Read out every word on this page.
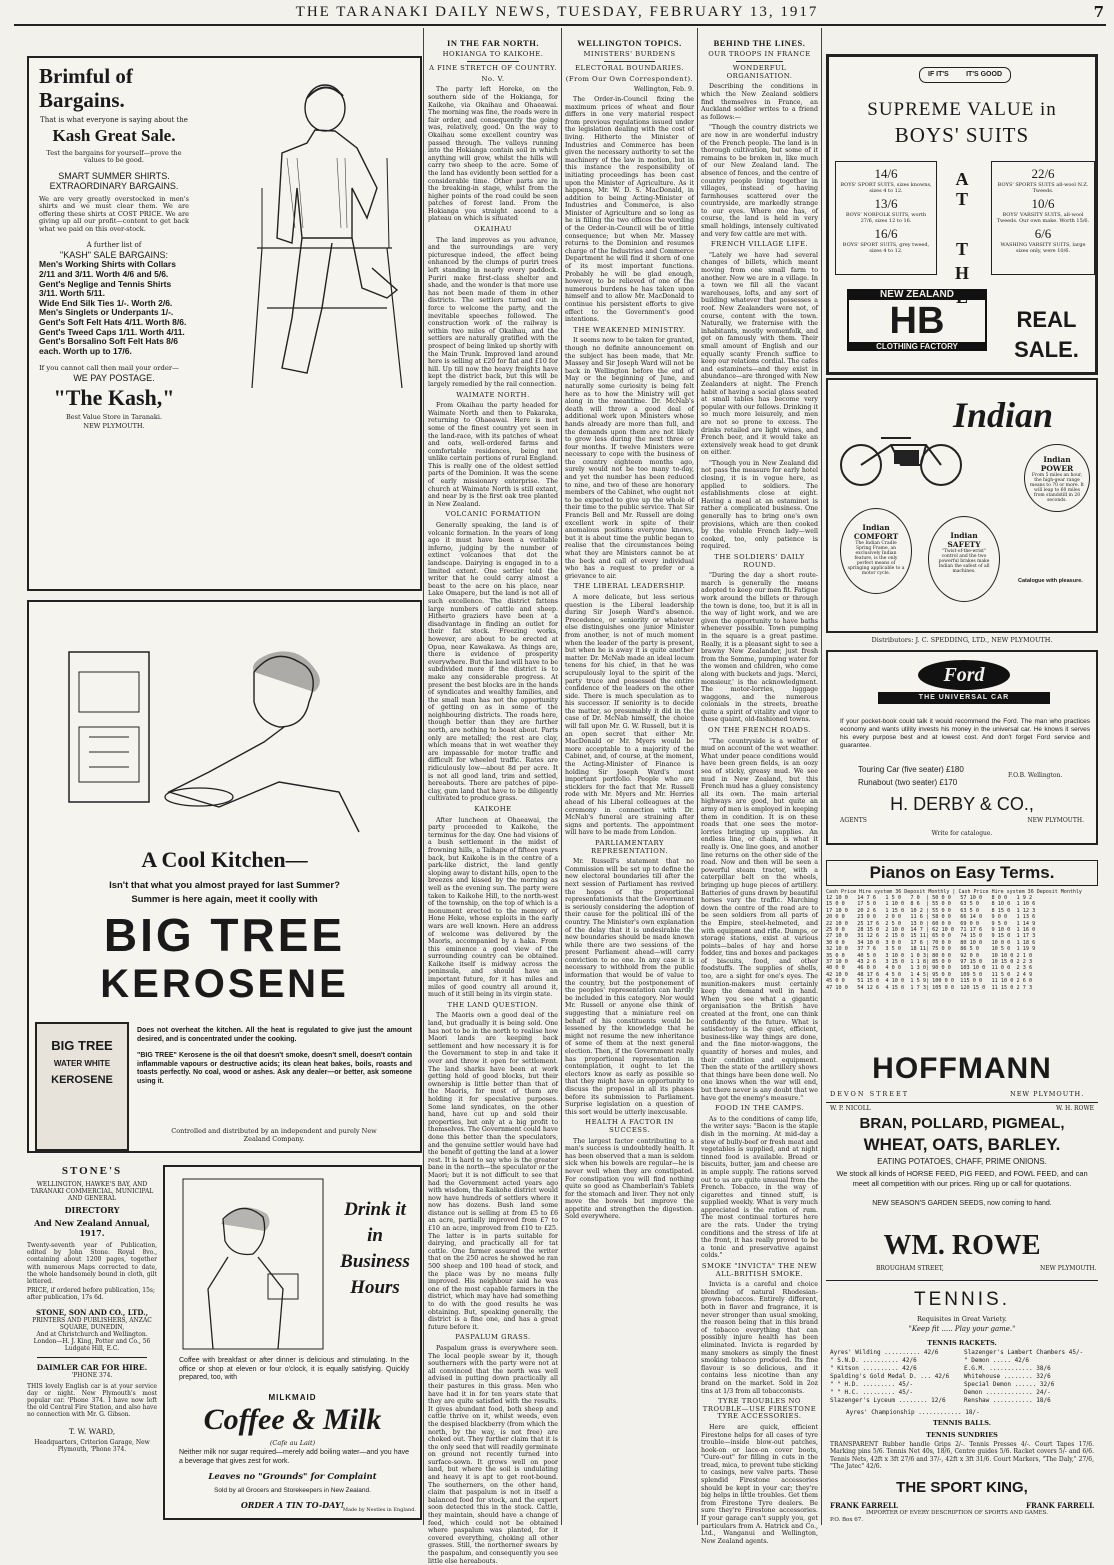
THE TARANAKI DAILY NEWS, TUESDAY, FEBRUARY 13, 1917	7
Brimful of
Bargains.
That is what everyone is saying about the
Kash Great Sale.
Test the bargains for yourself—prove the values to be good.
SMART SUMMER SHIRTS.
EXTRAORDINARY BARGAINS.
We are very greatly overstocked in men's shirts and we must clear them. We are offering these shirts at COST PRICE. We are giving up all our profit—content to get back what we paid on this over-stock.
A further list of
"KASH" SALE BARGAINS:
Men's Working Shirts with Collars 2/11 and 3/11. Worth 4/6 and 5/6.
Gent's Neglige and Tennis Shirts 3/11. Worth 5/11.
Wide End Silk Ties 1/-. Worth 2/6.
Men's Singlets or Underpants 1/-.
Gent's Soft Felt Hats 4/11. Worth 8/6.
Gent's Tweed Caps 1/11. Worth 4/11.
Gent's Borsalino Soft Felt Hats 8/6 each. Worth up to 17/6.
If you cannot call then mail your order—
WE PAY POSTAGE.
"The Kash,"
Best Value Store in Taranaki.
NEW PLYMOUTH.
A Cool Kitchen—
Isn't that what you almost prayed for last Summer?
Summer is here again, meet it coolly with
BIG TREE
KEROSENE
BIG TREE
WATER WHITE
KEROSENE
Does not overheat the kitchen. All the heat is regulated to give just the amount desired, and is concentrated under the cooking.
"BIG TREE" Kerosene is the oil that doesn't smoke, doesn't smell, doesn't contain inflammable vapours or destructive acids; its clean heat bakes, boils, roasts and toasts perfectly. No coal, wood or ashes. Ask any dealer—or better, ask someone using it.
Controlled and distributed by an independent and purely New Zealand Company.
STONE'S
WELLINGTON, HAWKE'S BAY, AND TARANAKI COMMERCIAL, MUNICIPAL AND GENERAL
DIRECTORY
And New Zealand Annual, 1917.
Twenty-seventh year of Publication, edited by John Stone. Royal 8vo., containing about 1200 pages, together with numerous Maps corrected to date, the whole handsomely bound in cloth, gilt lettered.
PRICE, if ordered before publication, 15s; after publication, 17s 6d.
STONE, SON AND CO., LTD.,
PRINTERS AND PUBLISHERS, ANZAC SQUARE, DUNEDIN,
And at Christchurch and Wellington. London—H. J. King, Potter and Co., 56 Ludgate Hill, E.C.
DAIMLER CAR FOR HIRE.
'PHONE 374.
THIS lovely English car is at your service day or night. New Plymouth's most popular car. 'Phone 374. I have now left the old Central Fire Station, and also have no connection with Mr. G. Gibson.
T. W. WARD,
Headquarters, Criterion Garage, New Plymouth, 'Phone 374.
Drink it in Business Hours
Coffee with breakfast or after dinner is delicious and stimulating. In the office or shop at eleven or four o'clock, it is equally satisfying. Quickly prepared, too, with
MILKMAID
Coffee & Milk
(Cafe au Lait)
Neither milk nor sugar required—merely add boiling water—and you have a beverage that gives zest for work.
Leaves no "Grounds" for Complaint
Sold by all Grocers and Storekeepers in New Zealand.
ORDER A TIN TO-DAY!
Made by Nestles in England.
IN THE FAR NORTH.
HOKIANGA TO KAIKOHE.
A FINE STRETCH OF COUNTRY.
No. V.

The party left Horeke, on the southern side of the Hokianga, for Kaikohe, via Okaihau and Ohaeawai. The morning was fine, the roads were in fair order, and consequently the going was, relatively, good. On the way to Okaihau some excellent country was passed through. The valleys running into the Hokianga contain soil in which anything will grow, whilst the hills will carry two sheep to the acre. Some of the land has evidently been settled for a considerable time. Other parts are in the breaking-in stage, whilst from the higher points of the road could be seen patches of forest land. From the Hokianga you straight ascend to a plateau on which is situated

OKAIHAU

The land improves as you advance, and the surroundings are very picturesque indeed, the effect being enhanced by the clumps of puriri trees left standing in nearly every paddock. Puriri make first-class shelter and shade, and the wonder is that more use has not been made of them in other districts. The settlers turned out in force to welcome the party, and the inevitable speeches followed. The construction work of the railway is within two miles of Okaihau, and the settlers are naturally gratified with the prospect of being linked up shortly with the Main Trunk. Improved land around here is selling at £20 for flat and £10 for hill. Up till now the heavy freights have kept the district back, but this will be largely remedied by the rail connection.

WAIMATE NORTH.

From Okaihau the party headed for Waimate North and then to Pakaraka, returning to Ohaeawai. Here is met some of the finest country yet seen in the land-race, with its patches of wheat and oats, well-ordered farms and comfortable residences, being not unlike certain portions of rural England. This is really one of the oldest settled parts of the Dominion. It was the scene of early missionary enterprise. The church at Waimate North is still extant, and near by is the first oak tree planted in New Zealand.

VOLCANIC FORMATION

Generally speaking, the land is of volcanic formation. In the years of long ago it must have been a veritable inferno, judging by the number of extinct volcanoes that dot the landscape. Dairying is engaged in to a limited extent. One settler told the writer that he could carry almost a beast to the acre on his place, near Lake Omapere, but the land is not all of such excellence. The district fattens large numbers of cattle and sheep. Hitherto graziers have been at a disadvantage in finding an outlet for their fat stock. Freezing works, however, are about to be erected at Opua, near Kawakawa. As things are, there is evidence of prosperity everywhere. But the land will have to be subdivided more if the district is to make any considerable progress. At present the best blocks are in the hands of syndicates and wealthy families, and the small man has not the opportunity of getting on as in some of the neighbouring districts. The roads here, though better than they are further north, are nothing to boast about. Parts only are metalled; the rest are clay, which means that in wet weather they are impassable for motor traffic and difficult for wheeled traffic. Rates are ridiculously low—about 8d per acre. It is not all good land, trim and settled, hereabouts. There are patches of pipe-clay, gum land that have to be diligently cultivated to produce grass.

KAIKOHE

After luncheon at Ohaeawai, the party proceeded to Kaikohe, the terminus for the day. One had visions of a bush settlement in the midst of frowning hills, a Taihape of fifteen years back, but Kaikohe is in the centre of a park-like district, the land gently sloping away to distant hills, open to the breezes and kissed by the morning as well as the evening sun. The party were taken to Kaikohe Hill, to the north-west of the township, on the top of which is a monument erected to the memory of Hone Heke, whose exploits in the early wars are well known. Here an address of welcome was delivered by the Maoris, accompanied by a haka. From this eminence a good view of the surrounding country can be obtained. Kaikohe itself is midway across the peninsula, and should have an important future, for it has miles and miles of good country all around it, much of it still being in its virgin state.

THE LAND QUESTION.

The Maoris own a good deal of the land, but gradually it is being sold. One has not to be in the north to realise how Maori lands are keeping back settlement and how necessary it is for the Government to step in and take it over and throw it open for settlement. The land sharks have been at work getting hold of good blocks, but their ownership is little better than that of the Maoris, for most of them are holding it for speculative purposes. Some land syndicates, on the other hand, have cut up and sold their properties, but only at a big profit to themselves. The Government could have done this better than the speculators, and the genuine settler would have had the benefit of getting the land at a lower rest. It is hard to say who is the greater bane in the north—the speculator or the Maori; but it is not difficult to see that had the Government acted years ago with wisdom, the Kaikohe district would now have hundreds of settlers where it now has dozens. Bush land some distance out is selling at from £5 to £6 an acre, partially improved from £7 to £10 an acre, improved from £10 to £25. The latter is in parts suitable for dairying, and practically all for tat cattle. One farmer assured the writer that on the 250 acres he showed he ran 500 sheep and 100 head of stock, and the place was by no means fully improved. His neighbour said he was one of the most capable farmers in the district, which may have had something to do with the good results he was obtaining. But, speaking generally, the district is a fine one, and has a great future before it.

PASPALUM GRASS.

Paspalum grass is everywhere seen. The local people swear by it, though southerners with the party were not at all convinced that the north was well advised in putting down practically all their pastures in this grass. Men who have had it in for ten years state that they are quite satisfied with the results. It gives abundant food, both sheep and cattle thrive on it, whilst weeds, even the despised blackberry (from which the north, by the way, is not free) are choked out. They further claim that it is the only seed that will readily germinate on ground not recently turned into surface-sown. It grows well on poor land, but where the soil is undulating and heavy it is apt to get root-bound. The southerners, on the other hand, claim that paspalum is not in itself a balanced food for stock, and the expert soon detected this in the stock. Cattle, they maintain, should have a change of feed, which could not be obtained where paspalum was planted, for it covered everything, choking all other grasses. Still, the northerner swears by the paspalum, and consequently you see little else hereabouts.

WELLINGTON TOPICS.
MINISTERS' BURDENS
ELECTORAL BOUNDARIES.
(From Our Own Correspondent).
Wellington, Feb. 9.

The Order-in-Council fixing the maximum prices of wheat and flour differs in one very material respect from previous regulations issued under the legislation dealing with the cost of living. Hitherto the Minister of Industries and Commerce has been given the necessary authority to set the machinery of the law in motion, but in this instance the responsibility of initiating proceedings has been cast upon the Minister of Agriculture. As it happens, Mr. W. D. S. MacDonald, in addition to being Acting-Minister of Industries and Commerce, is also Minister of Agriculture and so long as he is filling the two offices the wording of the Order-in-Council will be of little consequence; but when Mr. Massey returns to the Dominion and resumes charge of the Industries and Commerce Department he will find it shorn of one of its most important functions. Probably he will be glad enough, however, to be relieved of one of the numerous burdens he has taken upon himself and to allow Mr. MacDonald to continue his persistent efforts to give effect to the Government's good intentions.

THE WEAKENED MINISTRY.

It seems now to be taken for granted, though no definite announcement on the subject has been made, that Mr. Massey and Sir Joseph Ward will not be back in Wellington before the end of May or the beginning of June, and naturally some curiosity is being felt here as to how the Ministry will get along in the meantime. Dr. McNab's death will throw a good deal of additional work upon Ministers whose hands already are more than full, and the demands upon them are not likely to grow less during the next three or four months. If twelve Ministers were necessary to cope with the business of the country eighteen months ago, surely would not be too many to-day, and yet the number has been reduced to nine, and two of these are honorary members of the Cabinet, who ought not to be expected to give up the whole of their time to the public service. That Sir Francis Bell and Mr. Russell are doing excellent work in spite of their anomalous positions everyone knows, but it is about time the public began to realise that the circumstances being what they are Ministers cannot be at the beck and call of every individual who has a request to prefer or a grievance to air.

THE LIBERAL LEADERSHIP.

A more delicate, but less serious question is the Liberal leadership during Sir Joseph Ward's absence. Precedence, or seniority or whatever else distinguishes one junior Minister from another, is not of much moment when the leader of the party is present, but when he is away it is quite another matter. Dr. McNab made an ideal locum tenens for his chief, in that he was scrupulously loyal to the spirit of the party truce and possessed the entire confidence of the leaders on the other side. There is much speculation as to his successor. If seniority is to decide the matter, so presumably it did in the case of Dr. McNab himself, the choice will fall upon Mr. G. W. Russell, but it is an open secret that either Mr. MacDonald or Mr. Myers would be more acceptable to a majority of the Cabinet, and, of course, at the moment, the Acting-Minister of Finance is holding Sir Joseph Ward's most important portfolio. People who are sticklers for the fact that Mr. Russell rode with Mr. Myers and Mr. Herries ahead of his Liberal colleagues at the ceremony in connection with Dr. McNab's funeral are straining after signs and portents. The appointment will have to be made from London.

PARLIAMENTARY REPRESENTATION.

Mr. Russell's statement that no Commission will be set up to define the new electoral boundaries till after the next session of Parliament has revived the hopes of the proportional representationists that the Government is seriously considering the adoption of their cause for the political ills of the country. The Minister's own explanation of the delay that it is undesirable the new boundaries should be made known while there are two sessions of the present Parliament ahead—will carry conviction to no one. In any case it is necessary to withhold from the public information that would be of value to the country, but the postponement of the peoples' representation can hardly be included in this category. Nor would Mr. Russell or anyone else think of suggesting that a miniature reel on behalf of his constituents would be lessened by the knowledge that he might not resume the new inheritance of some of them at the next general election. Then, if the Government really has proportional representation in contemplation, it ought to let the electors know as early as possible so that they might have an opportunity to discuss the proposal in all its phases before its submission to Parliament. Surprise legislation on a question of this sort would be utterly inexcusable.

HEALTH A FACTOR IN SUCCESS.

The largest factor contributing to a man's success is undoubtedly health. It has been observed that a man is seldom sick when his bowels are regular—he is never well when they are constipated. For constipation you will find nothing quite so good as Chamberlain's Tablets for the stomach and liver. They not only move the bowels but improve the appetite and strengthen the digestion. Sold everywhere.

BEHIND THE LINES.
OUR TROOPS IN FRANCE
WONDERFUL ORGANISATION.

Describing the conditions in which the New Zealand soldiers find themselves in France, an Auckland soldier writes to a friend as follows:—

"Though the country districts we are now in are wonderful industry of the French people. The land is in thorough cultivation, but some of it remains to be broken in, like much of our New Zealand land. The absence of fences, and the centre of country people living together in villages, instead of having farmhouses scattered over the countryside, are markedly strange to our eyes. Where one has, of course, the land is held in very small holdings, intensely cultivated and very few cattle are met with.

FRENCH VILLAGE LIFE.

"Lately we have had several changes of billets, which meant moving from one small farm to another. Now we are in a village. In a town we fill all the vacant warehouses, lofts, and any sort of building whatever that possesses a roof. New Zealanders were not, of course, content with the town. Naturally, we fraternise with the inhabitants, mostly womenfolk, and get on famously with them. Their small amount of English and our equally scanty French suffice to keep our relations cordial. The cafes and estaminets—and they exist in abundance—are thronged with New Zealanders at night. The French habit of having a social glass seated at small tables has become very popular with our fellows. Drinking it so much more leisurely, and men are not so prone to excess. The drinks retailed are light wines, and French beer, and it would take an extensively weak head to get drunk on either.

"Though you in New Zealand did not pass the measure for early hotel closing, it is in vogue here, as applied to soldiers. The establishments close at eight. Having a meal at an estaminet is rather a complicated business. One generally has to bring one's own provisions, which are then cooked by the voluble French lady—well cooked, too, only patience is required.

THE SOLDIERS' DAILY ROUND.

"During the day a short route-march is generally the means adopted to keep our men fit. Fatigue work around the billets or through the town is done, too, but it is all in the way of light work, and we are given the opportunity to have baths whenever possible. Town pumping in the square is a great pastime. Really, it is a pleasant sight to see a brawny New Zealander, just fresh from the Somme, pumping water for the women and children, who come along with buckets and jugs. 'Merci, monsieur,' is the acknowledgment. The motor-lorries, luggage waggons, and the numerous colonials in the streets, breathe quite a spirit of vitality and vigor to these quaint, old-fashioned towns.

ON THE FRENCH ROADS.

"The countryside is a welter of mud on account of the wet weather. What under peace conditions would have been green fields, is an oozy sea of sticky, greasy mud. We see mud in New Zealand, but this French mud has a gluey consistency all its own. The main arterial highways are good, but quite an army of men is employed in keeping them in condition. It is on these roads that one sees the motor-lorries bringing up supplies. An endless line, or chain, is what it really is. One line goes, and another line returns on the other side of the road. Now and then will be seen a powerful steam tractor, with a caterpillar belt on the wheels, bringing up huge pieces of artillery. Batteries of guns drawn by beautiful horses vary the traffic. Marching down the centre of the road are to be seen soldiers from all parts of the Empire, steel-helmeted, and with equipment and rifle. Dumps, or storage stations, exist at various points—bales of hay and horse fodder, tins and boxes and packages of biscuits, food, and other foodstuffs. The supplies of shells, too, are a sight for one's eyes. The munition-makers must certainly keep the demand well in hand. When you see what a gigantic organisation the British have created at the front, one can think confidently of the future. What is satisfactory is the quiet, efficient, business-like way things are done, and the fine motor-waggons, the quantity of horses and mules, and their condition and equipment. Then the state of the artillery shows that things have been done well. No one knows when the war will end, but there never is any doubt that we have got the enemy's measure."

FOOD IN THE CAMPS.

As to the conditions of camp life, the writer says: "Bacon is the staple dish in the morning. At mid-day a stew of bully-beef or fresh meat and vegetables is supplied, and at night tinned food is available. Bread or biscuits, butter, jam and cheese are in ample supply. The rations served out to us are quite unusual from the French. Tobacco, in the way of cigarettes and tinned stuff, is supplied weekly. What is very much appreciated is the ration of rum. The most continual tortures here are the rats. Under the trying conditions and the stress of life at the front, it has really proved to be a tonic and preservative against colds."

SMOKE "INVICTA" THE NEW ALL-BRITISH SMOKE.

Invicta is a careful and choice blending of natural Rhodesian-grown tobaccos. Entirely different, both in flavor and fragrance, it is never stronger than usual smoking, the reason being that in this brand of tobacco everything that can possibly injure health has been eliminated. Invicta is regarded by many smokers as simply the finest smoking tobacco produced. Its fine flavour is so delicious, and it contains less nicotine than any brand on the market. Sold in 2oz tins at 1/3 from all tobacconists.

TYRE TROUBLES NO TROUBLE—USE FIRESTONE TYRE ACCESSORIES.

Here are quick, efficient Firestone helps for all cases of tyre trouble—inside blow-out patches, hook-on or lace-on cover boots, "Cure-out" for filling in cuts in the tread, mica, to prevent tube sticking to casings, new valve parts. These splendid Firestone accessories should be kept in your car; they're big helps in little troubles. Get them from Firestone Tyre dealers. Be sure they're Firestone accessories. If your garage can't supply you, get particulars from A. Hatrick and Co., Ltd., Wanganui and Wellington, New Zealand agents.

IF IT'S IT'S GOOD
SUPREME VALUE in
BOYS' SUITS
14/6
BOYS' SPORT SUITS, sizes knowns, sizes 4 to 12.
13/6
BOYS' NORFOLK SUITS, worth 27/6, sizes 12 to 16.
16/6
BOYS' SPORT SUITS, grey tweed, sizes 4 to 12.
22/6
BOYS' SPORTS SUITS all-wool N.Z. Tweeds.
10/6
BOYS' VARSITY SUITS, all-wool Tweeds. Our own make. Worth 15/6.
6/6
WASHING VARSITY SUITS, large sizes only, were 10/6.
A T
T H
NEW ZEALAND
HB
CLOTHING FACTORY
REAL
SALE.
Indian
Indian POWER
From 5 miles an hour, the high-gear range means to 70 or more. It will leap to 60 miles from standstill in 20 seconds.
Indian COMFORT
The Indian Cradle Spring Frame, an exclusively Indian feature, is the only perfect means of springing applicable to a motor cycle.
Indian SAFETY
"Twist-of-the-wrist" control and the two powerful brakes make Indian the safest of all machines.
Catalogue with pleasure.
Distributors: J. C. SPEDDING, LTD., NEW PLYMOUTH.
Ford
THE UNIVERSAL CAR
If your pocket-book could talk it would recommend the Ford. The man who practices economy and wants utility invests his money in the universal car. He knows it serves his every purpose best and at lowest cost. And don't forget Ford service and guarantee.
Touring Car (five seater) £180
Runabout (two seater) £170
F.O.B. Wellington.
H. DERBY & CO.,
AGENTS	NEW PLYMOUTH.
Write for catalogue.
Pianos on Easy Terms.
Cash Price Hire system 36 Deposit Monthly | Cash Price Hire system 36 Deposit Monthly
12 10 0   14 7 6   1 5 0   7 0  | 50 0 0   57 10 0   8 0 0   1 9 2
15 0 0    17 5 0   1 10 0  8 6  | 55 0 0   63 5 0    8 10 0  1 10 6
17 10 0   20 2 6   1 15 0  10 2 | 55 0 0   63 5 0    8 15 0  1 12 3
20 0 0    23 0 0   2 0 0   11 6 | 58 0 0   66 14 0   9 0 0   1 13 6
22 10 0   25 17 6  2 5 0   13 0 | 60 0 0   69 0 0    9 5 0   1 14 9
25 0 0    28 15 0  2 10 0  14 7 | 62 10 0  71 17 6   9 10 0  1 16 0
27 10 0   31 12 6  2 15 0  15 11| 65 0 0   74 15 0   9 15 0  1 17 3
30 0 0    34 10 0  3 0 0   17 6 | 70 0 0   80 10 0   10 0 0  1 18 6
32 10 0   37 7 6   3 5 0   18 11| 75 0 0   86 5 0    10 5 0  1 19 9
35 0 0    40 5 0   3 10 0  1 0 3| 80 0 0   92 0 0    10 10 0 2 1 0
37 10 0   43 2 6   3 15 0  1 1 8| 85 0 0   97 15 0   10 15 0 2 2 3
40 0 0    46 0 0   4 0 0   1 3 0| 90 0 0   103 10 0  11 0 0  2 3 6
42 10 0   48 17 6  4 5 0   1 4 5| 95 0 0   109 5 0   11 5 0  2 4 9
45 0 0    51 15 0  4 10 0  1 5 9| 100 0 0  115 0 0   11 10 0 2 6 0
47 10 0   54 12 6  4 15 0  1 7 3| 105 0 0  120 15 0  11 15 0 2 7 3
HOFFMANN
DEVON STREET	NEW PLYMOUTH.
W. P. NICOLL	W. H. ROWE
BRAN, POLLARD, PIGMEAL,
WHEAT, OATS, BARLEY.
EATING POTATOES, CHAFF, PRIME ONIONS.
We stock all kinds of HORSE FEED, PIG FEED, and FOWL FEED, and can meet all competition with our prices. Ring up or call for quotations.
NEW SEASON'S GARDEN SEEDS, now coming to hand.
WM. ROWE
BROUGHAM STREET,	NEW PLYMOUTH.
TENNIS.
Requisites in Great Variety.
"Keep fit ..... Play your game."
TENNIS RACKETS.
Ayres' Wilding .......... 42/6
" S.N.D. .......... 42/6
" Kitson .......... 42/6
Spalding's Gold Medal D. ... 42/6
" " H.D. ......... 45/-
" " H.C. ......... 45/-
Slazenger's Lyceum ........ 12/6
Slazenger's Lambert Chambers 45/-
" Demon ..... 42/6
E.G.M. ............ 38/6
Whitehouse ........ 32/6
Special Demon ...... 32/6
Demon ............. 24/-
Renshaw ........... 18/6
Ayres' Championship ............ 18/-
TENNIS BALLS.
TENNIS SUNDRIES
TRANSPARENT Rubber handle Grips 2/-. Tennis Presses 4/-. Court Tapes 17/6. Marking pins 5/6. Tennis Net 40s, 18/6, Centre guides 5/6. Racket covers 5/- and 6/6. Tennis Nets, 42ft x 3ft 27/6 and 37/-, 42ft x 3ft 31/6. Court Markers, "The Daly," 27/6, "The Jatec" 42/6.
THE SPORT KING,
FRANK FARRELL	FRANK FARRELL
IMPORTER OF EVERY DESCRIPTION OF SPORTS AND GAMES.
P.O. Box 67.
